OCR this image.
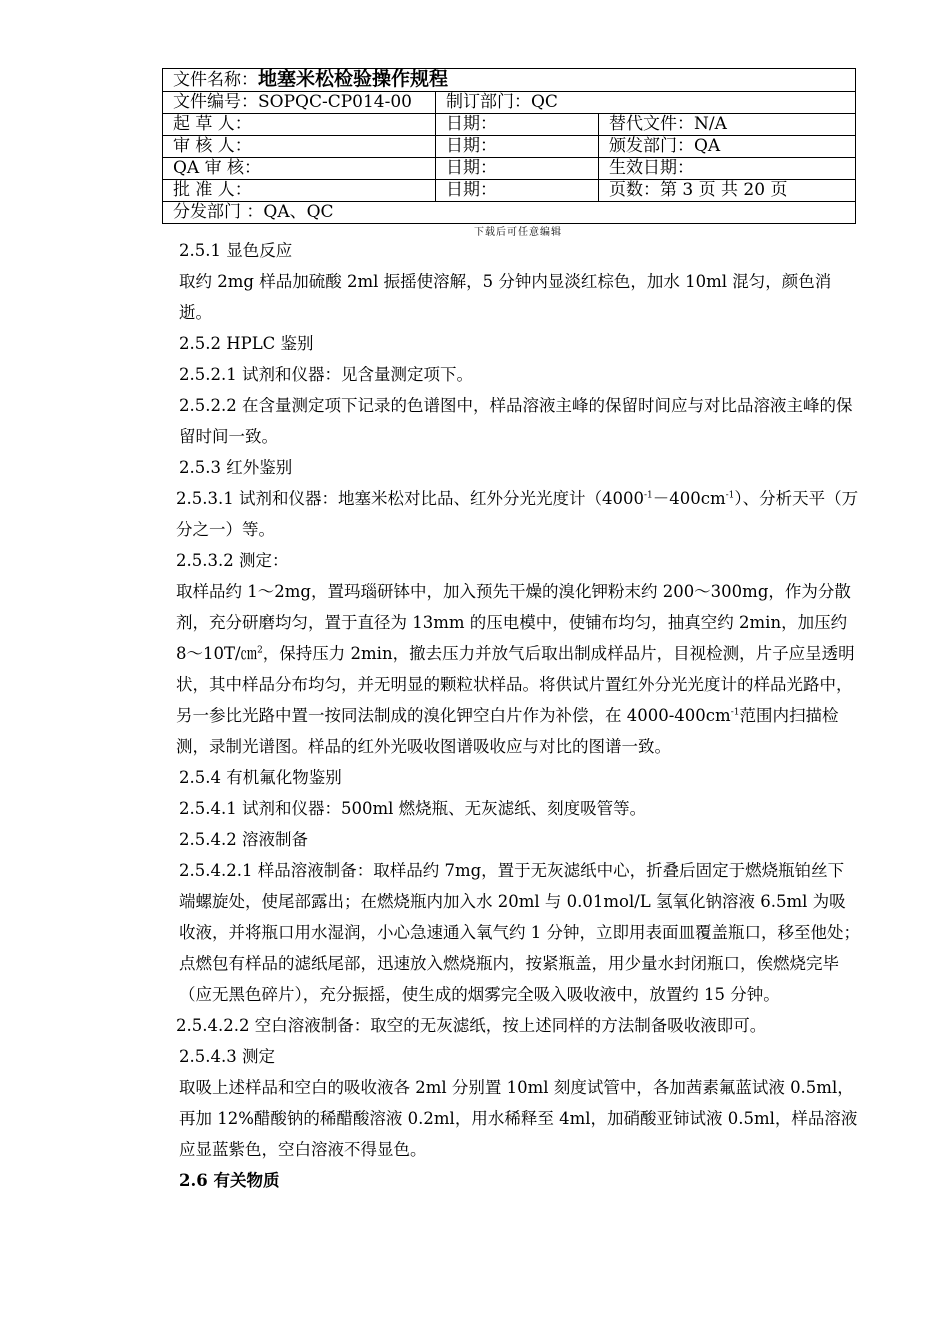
文件名称：地塞米松检验操作规程		
文件编号：SOPQC-CP014-00	制订部门：QC	
起 草 人：	日期：	替代文件：N/A
审 核 人：	日期：	颁发部门：QA
QA 审 核：	日期：	生效日期：
批 准 人：	日期：	页数：第 3 页 共 20 页
分发部门 ：QA、QC		
下载后可任意编辑

2.5.1 显色反应

取约 2mg 样品加硫酸 2ml 振摇使溶解，5 分钟内显淡红棕色，加水 10ml 混匀，颜色消逝。

2.5.2 HPLC 鉴别

2.5.2.1 试剂和仪器：见含量测定项下。

2.5.2.2 在含量测定项下记录的色谱图中，样品溶液主峰的保留时间应与对比品溶液主峰的保留时间一致。

2.5.3 红外鉴别

2.5.3.1 试剂和仪器：地塞米松对比品、红外分光光度计$(4000^{-1}-400cm^{-1})$、分析天平（万分之一）等。

2.5.3.2 测定：

取样品约 1～2mg，置玛瑙研钵中，加入预先干燥的溴化钾粉末约 200～300mg，作为分散剂，充分研磨均匀，置于直径为 13mm 的压电模中，使铺布均匀，抽真空约 2min，加压约 8～10T/㎝$^2$，保持压力 2min，撤去压力并放气后取出制成样品片，目视检测，片子应呈透明状，其中样品分布均匀，并无明显的颗粒状样品。将供试片置红外分光光度计的样品光路中，另一参比光路中置一按同法制成的溴化钾空白片作为补偿，在 $4000-400cm^{-1}$范围内扫描检测，录制光谱图。样品的红外光吸收图谱吸收应与对比的图谱一致。

2.5.4 有机氟化物鉴别

2.5.4.1 试剂和仪器：500ml 燃烧瓶、无灰滤纸、刻度吸管等。

2.5.4.2 溶液制备

2.5.4.2.1 样品溶液制备：取样品约 7mg，置于无灰滤纸中心，折叠后固定于燃烧瓶铂丝下端螺旋处，使尾部露出；在燃烧瓶内加入水 20ml 与 0.01mol/L 氢氧化钠溶液 6.5ml 为吸收液，并将瓶口用水湿润，小心急速通入氧气约 1 分钟，立即用表面皿覆盖瓶口，移至他处；点燃包有样品的滤纸尾部，迅速放入燃烧瓶内，按紧瓶盖，用少量水封闭瓶口，俟燃烧完毕（应无黑色碎片），充分振摇，使生成的烟雾完全吸入吸收液中，放置约 15 分钟。

2.5.4.2.2 空白溶液制备：取空的无灰滤纸，按上述同样的方法制备吸收液即可。

2.5.4.3 测定

取吸上述样品和空白的吸收液各 2ml 分别置 10ml 刻度试管中，各加茜素氟蓝试液 0.5ml，再加 12%醋酸钠的稀醋酸溶液 0.2ml，用水稀释至 4ml，加硝酸亚铈试液 0.5ml，样品溶液应显蓝紫色，空白溶液不得显色。

2.6 有关物质
